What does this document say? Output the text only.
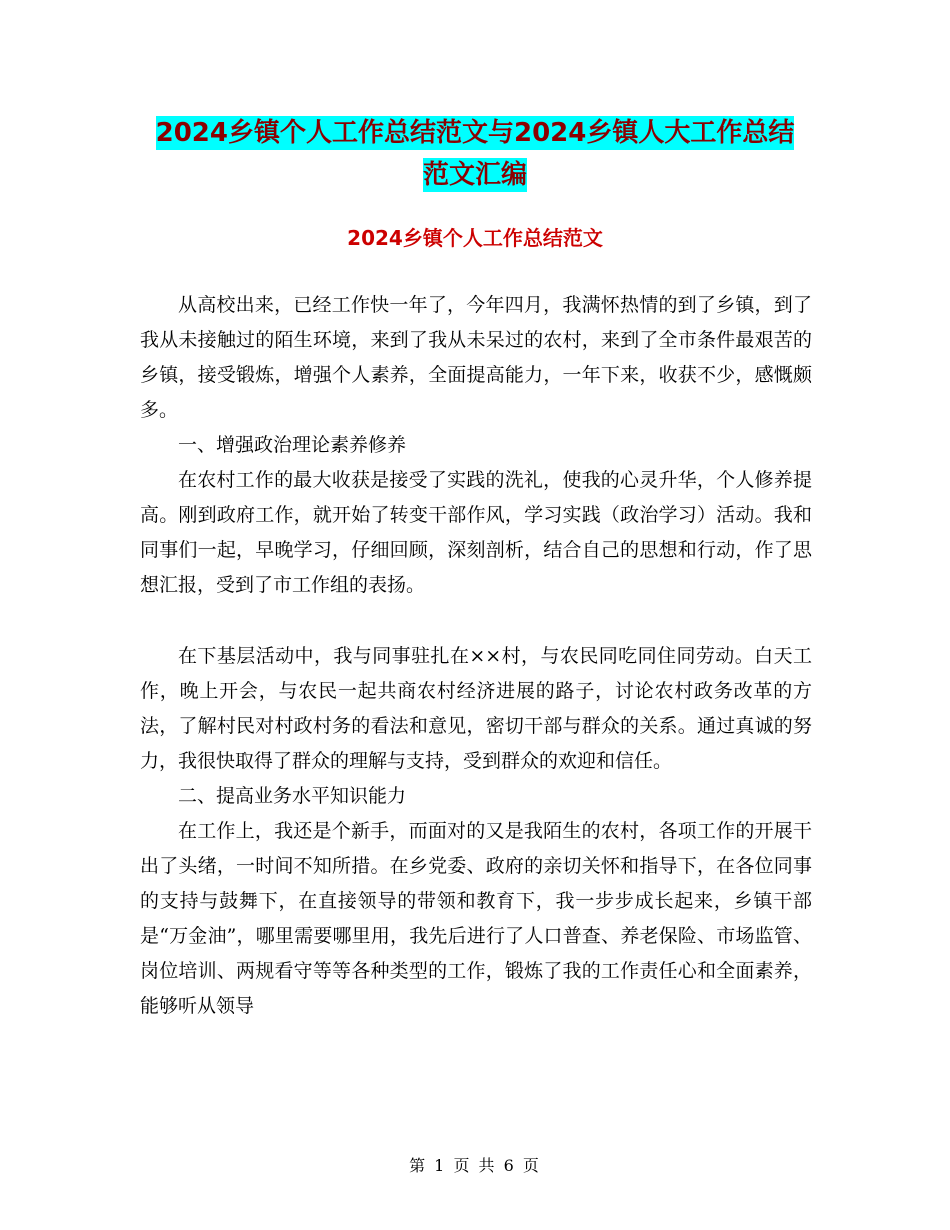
2024乡镇个人工作总结范文与2024乡镇人大工作总结
范文汇编
2024乡镇个人工作总结范文

从高校出来，已经工作快一年了，今年四月，我满怀热情的到了乡镇，到了我从未接触过的陌生环境，来到了我从未呆过的农村，来到了全市条件最艰苦的乡镇，接受锻炼，增强个人素养，全面提高能力，一年下来，收获不少，感慨颇多。

一、增强政治理论素养修养

在农村工作的最大收获是接受了实践的洗礼，使我的心灵升华，个人修养提高。刚到政府工作，就开始了转变干部作风，学习实践（政治学习）活动。我和同事们一起，早晚学习，仔细回顾，深刻剖析，结合自己的思想和行动，作了思想汇报，受到了市工作组的表扬。

在下基层活动中，我与同事驻扎在××村，与农民同吃同住同劳动。白天工作，晚上开会，与农民一起共商农村经济进展的路子，讨论农村政务改革的方法，了解村民对村政村务的看法和意见，密切干部与群众的关系。通过真诚的努力，我很快取得了群众的理解与支持，受到群众的欢迎和信任。

二、提高业务水平知识能力

在工作上，我还是个新手，而面对的又是我陌生的农村，各项工作的开展干出了头绪，一时间不知所措。在乡党委、政府的亲切关怀和指导下，在各位同事的支持与鼓舞下，在直接领导的带领和教育下，我一步步成长起来，乡镇干部是“万金油”，哪里需要哪里用，我先后进行了人口普查、养老保险、市场监管、岗位培训、两规看守等等各种类型的工作，锻炼了我的工作责任心和全面素养，能够听从领导

第 1 页 共 6 页
